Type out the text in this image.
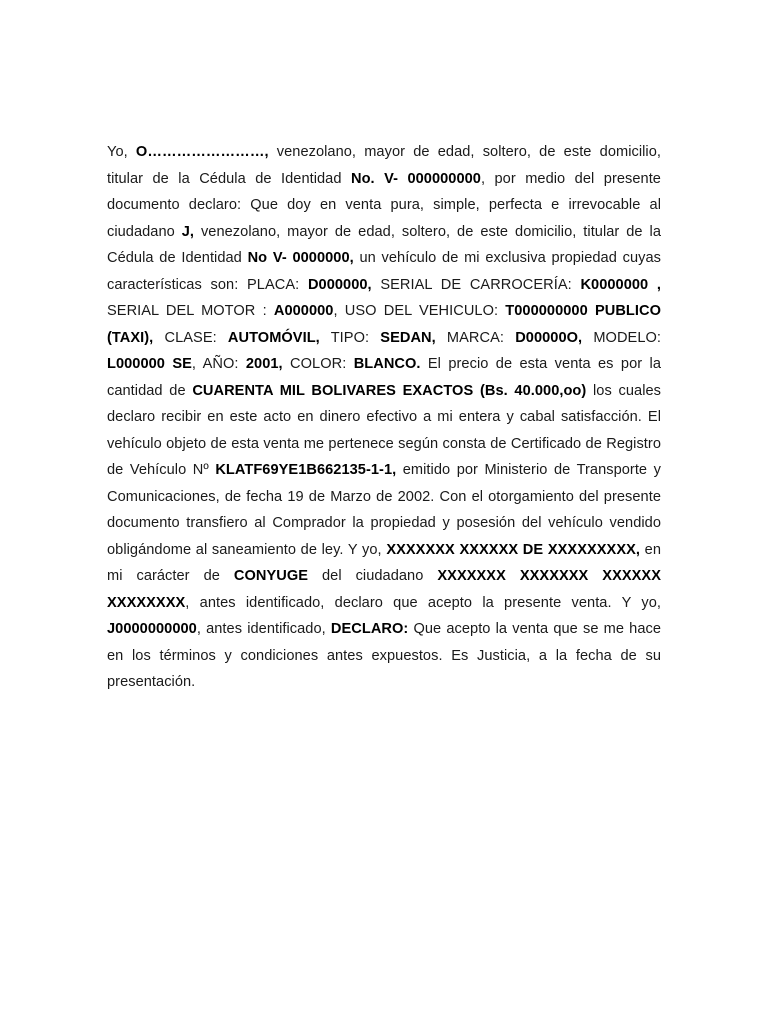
Yo, O……………………, venezolano, mayor de edad, soltero, de este domicilio, titular de la Cédula de Identidad No. V- 000000000, por medio del presente documento declaro: Que doy en venta pura, simple, perfecta e irrevocable al ciudadano J, venezolano, mayor de edad, soltero, de este domicilio, titular de la Cédula de Identidad No V- 0000000, un vehículo de mi exclusiva propiedad cuyas características son: PLACA: D000000, SERIAL DE CARROCERÍA: K0000000 , SERIAL DEL MOTOR : A000000, USO DEL VEHICULO: T000000000 PUBLICO (TAXI), CLASE: AUTOMÓVIL, TIPO: SEDAN, MARCA: D00000O, MODELO: L000000 SE, AÑO: 2001, COLOR: BLANCO. El precio de esta venta es por la cantidad de CUARENTA MIL BOLIVARES EXACTOS (Bs. 40.000,oo) los cuales declaro recibir en este acto en dinero efectivo a mi entera y cabal satisfacción. El vehículo objeto de esta venta me pertenece según consta de Certificado de Registro de Vehículo Nº KLATF69YE1B662135-1-1, emitido por Ministerio de Transporte y Comunicaciones, de fecha 19 de Marzo de 2002. Con el otorgamiento del presente documento transfiero al Comprador la propiedad y posesión del vehículo vendido obligándome al saneamiento de ley. Y yo, XXXXXXX XXXXXX DE XXXXXXXXX, en mi carácter de CONYUGE del ciudadano XXXXXXX XXXXXXX XXXXXX XXXXXXXX, antes identificado, declaro que acepto la presente venta. Y yo, J0000000000, antes identificado, DECLARO: Que acepto la venta que se me hace en los términos y condiciones antes expuestos. Es Justicia, a la fecha de su presentación.
